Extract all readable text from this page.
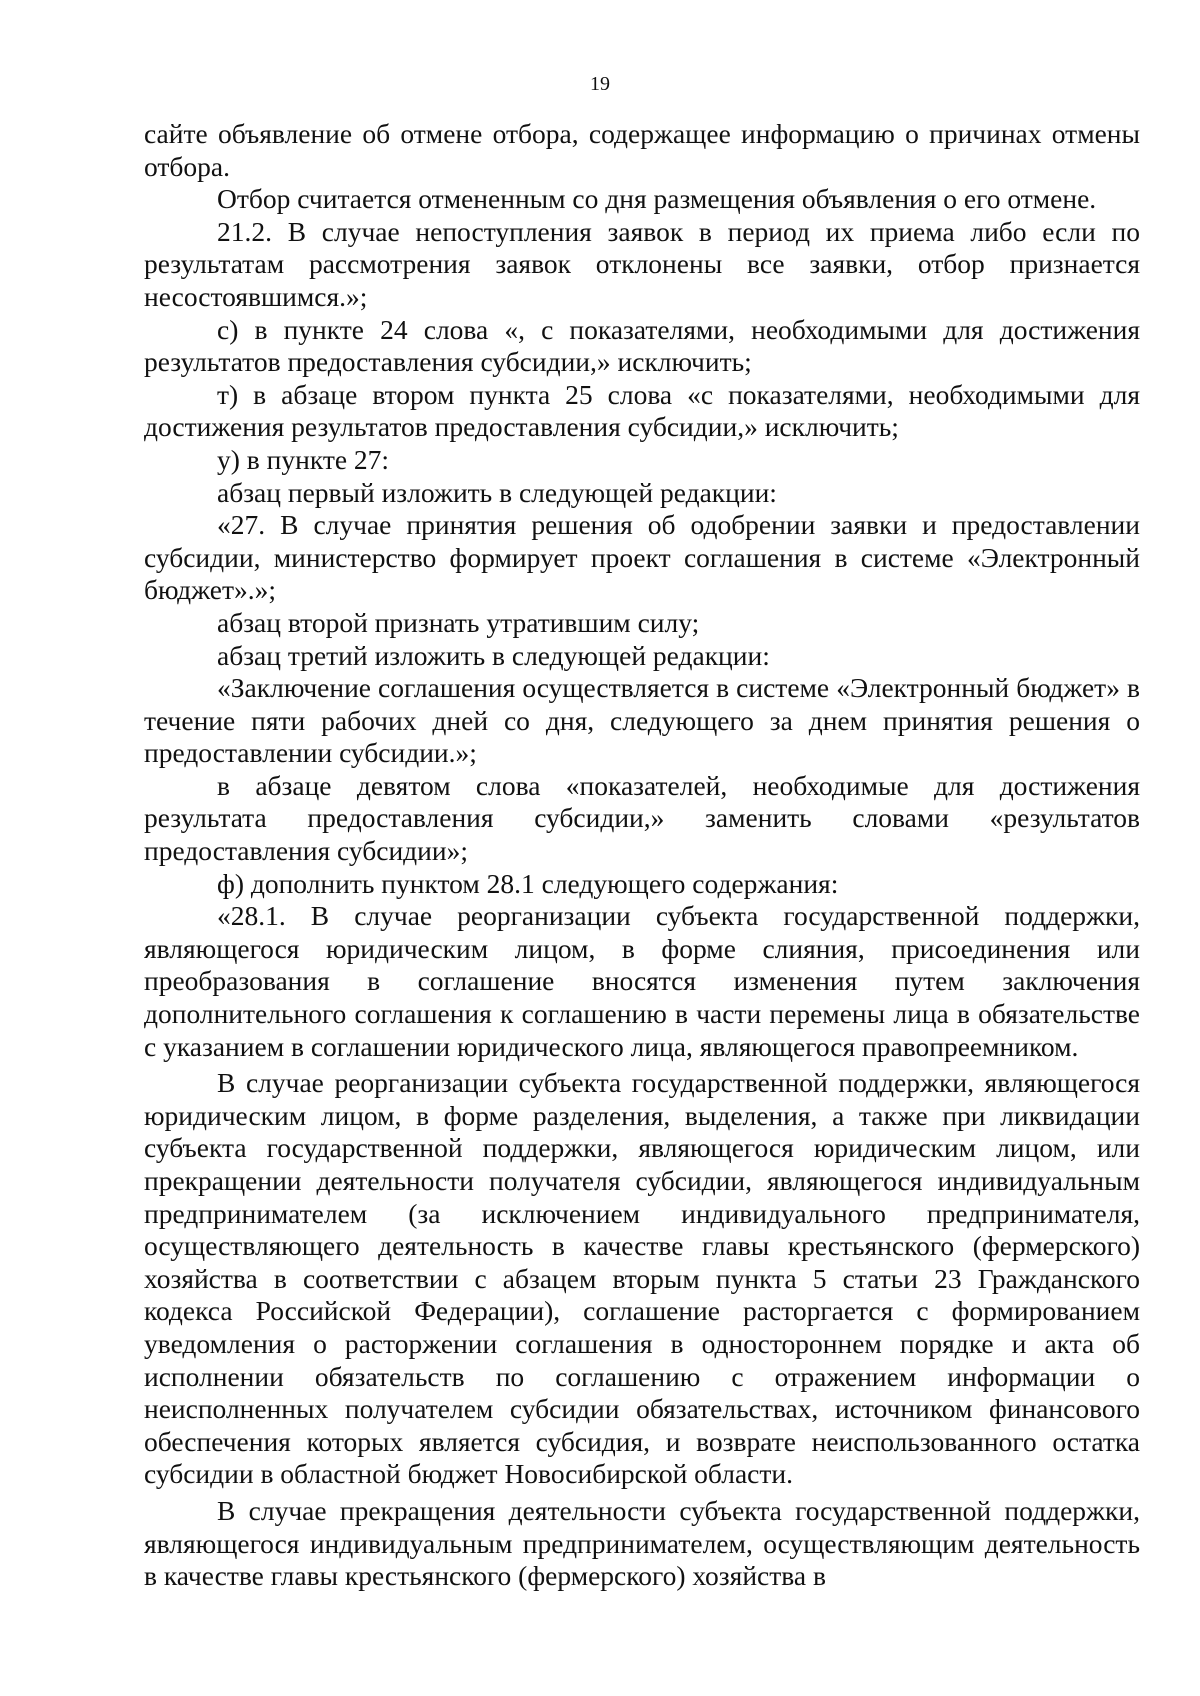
19

сайте объявление об отмене отбора, содержащее информацию о причинах отмены отбора.

Отбор считается отмененным со дня размещения объявления о его отмене.

21.2. В случае непоступления заявок в период их приема либо если по результатам рассмотрения заявок отклонены все заявки, отбор признается несостоявшимся.»;

с) в пункте 24 слова «, с показателями, необходимыми для достижения результатов предоставления субсидии,» исключить;

т) в абзаце втором пункта 25 слова «с показателями, необходимыми для достижения результатов предоставления субсидии,» исключить;

у) в пункте 27:

абзац первый изложить в следующей редакции:

«27. В случае принятия решения об одобрении заявки и предоставлении субсидии, министерство формирует проект соглашения в системе «Электронный бюджет».»;

абзац второй признать утратившим силу;

абзац третий изложить в следующей редакции:

«Заключение соглашения осуществляется в системе «Электронный бюджет» в течение пяти рабочих дней со дня, следующего за днем принятия решения о предоставлении субсидии.»;

в абзаце девятом слова «показателей, необходимые для достижения результата предоставления субсидии,» заменить словами «результатов предоставления субсидии»;

ф) дополнить пунктом 28.1 следующего содержания:

«28.1. В случае реорганизации субъекта государственной поддержки, являющегося юридическим лицом, в форме слияния, присоединения или преобразования в соглашение вносятся изменения путем заключения дополнительного соглашения к соглашению в части перемены лица в обязательстве с указанием в соглашении юридического лица, являющегося правопреемником.

В случае реорганизации субъекта государственной поддержки, являющегося юридическим лицом, в форме разделения, выделения, а также при ликвидации субъекта государственной поддержки, являющегося юридическим лицом, или прекращении деятельности получателя субсидии, являющегося индивидуальным предпринимателем (за исключением индивидуального предпринимателя, осуществляющего деятельность в качестве главы крестьянского (фермерского) хозяйства в соответствии с абзацем вторым пункта 5 статьи 23 Гражданского кодекса Российской Федерации), соглашение расторгается с формированием уведомления о расторжении соглашения в одностороннем порядке и акта об исполнении обязательств по соглашению с отражением информации о неисполненных получателем субсидии обязательствах, источником финансового обеспечения которых является субсидия, и возврате неиспользованного остатка субсидии в областной бюджет Новосибирской области.

В случае прекращения деятельности субъекта государственной поддержки, являющегося индивидуальным предпринимателем, осуществляющим деятельность в качестве главы крестьянского (фермерского) хозяйства в
